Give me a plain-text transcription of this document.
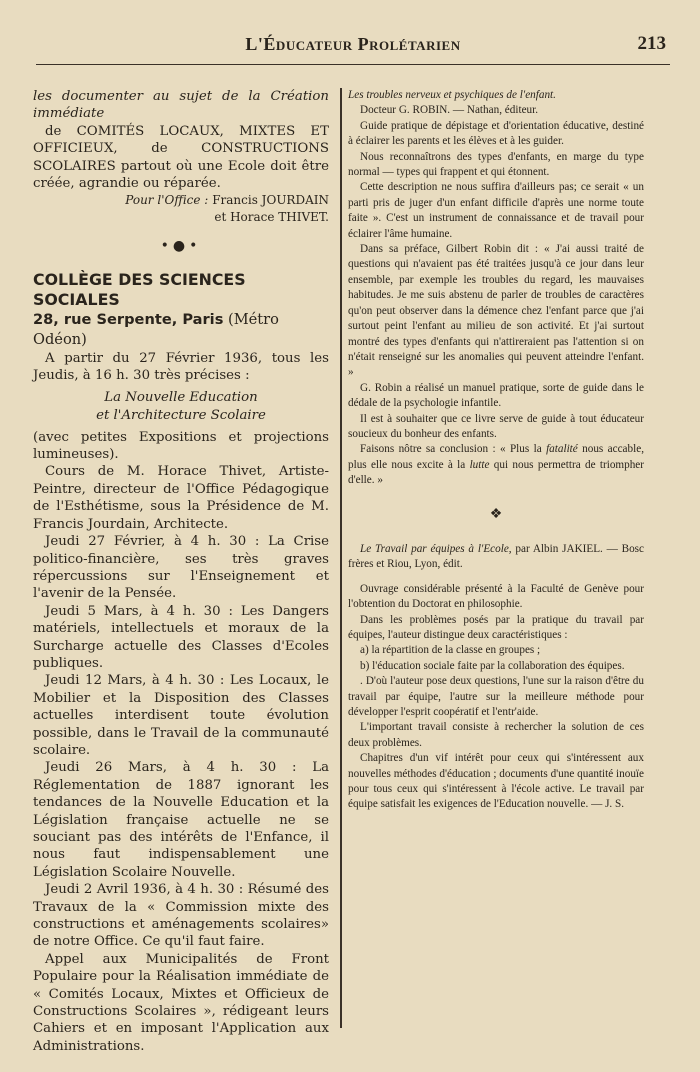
L'Éducateur Prolétarien	213

les documenter au sujet de la Création immédiate

de COMITÉS LOCAUX, MIXTES ET OFFICIEUX, de CONSTRUCTIONS SCOLAIRES partout où une Ecole doit être créée, agrandie ou réparée.

Pour l'Office : Francis JOURDAIN
et Horace THIVET.

•●•
COLLÈGE DES SCIENCES SOCIALES
28, rue Serpente, Paris (Métro Odéon)

A partir du 27 Février 1936, tous les Jeudis, à 16 h. 30 très précises :

La Nouvelle Education
et l'Architecture Scolaire

(avec petites Expositions et projections lumineuses).

Cours de M. Horace Thivet, Artiste-Peintre, directeur de l'Office Pédagogique de l'Esthétisme, sous la Présidence de M. Francis Jourdain, Architecte.

Jeudi 27 Février, à 4 h. 30 : La Crise politico-financière, ses très graves répercussions sur l'Enseignement et l'avenir de la Pensée.

Jeudi 5 Mars, à 4 h. 30 : Les Dangers matériels, intellectuels et moraux de la Surcharge actuelle des Classes d'Ecoles publiques.

Jeudi 12 Mars, à 4 h. 30 : Les Locaux, le Mobilier et la Disposition des Classes actuelles interdisent toute évolution possible, dans le Travail de la communauté scolaire.

Jeudi 26 Mars, à 4 h. 30 : La Réglementation de 1887 ignorant les tendances de la Nouvelle Education et la Législation française actuelle ne se souciant pas des intérêts de l'Enfance, il nous faut indispensablement une Législation Scolaire Nouvelle.

Jeudi 2 Avril 1936, à 4 h. 30 : Résumé des Travaux de la « Commission mixte des constructions et aménagements scolaires» de notre Office. Ce qu'il faut faire.

Appel aux Municipalités de Front Populaire pour la Réalisation immédiate de « Comités Locaux, Mixtes et Officieux de Constructions Scolaires », rédigeant leurs Cahiers et en imposant l'Application aux Administrations.

Les troubles nerveux et psychiques de l'enfant.

Docteur G. ROBIN. — Nathan, éditeur.

Guide pratique de dépistage et d'orientation éducative, destiné à éclairer les parents et les élèves et à les guider.

Nous reconnaîtrons des types d'enfants, en marge du type normal — types qui frappent et qui étonnent.

Cette description ne nous suffira d'ailleurs pas; ce serait « un parti pris de juger d'un enfant difficile d'après une norme toute faite ». C'est un instrument de connaissance et de travail pour éclairer l'âme humaine.

Dans sa préface, Gilbert Robin dit : « J'ai aussi traité de questions qui n'avaient pas été traitées jusqu'à ce jour dans leur ensemble, par exemple les troubles du regard, les mauvaises habitudes. Je me suis abstenu de parler de troubles de caractères qu'on peut observer dans la démence chez l'enfant parce que j'ai surtout peint l'enfant au milieu de son activité. Et j'ai surtout montré des types d'enfants qui n'attireraient pas l'attention si on n'était renseigné sur les anomalies qui peuvent atteindre l'enfant. »

G. Robin a réalisé un manuel pratique, sorte de guide dans le dédale de la psychologie infantile.

Il est à souhaiter que ce livre serve de guide à tout éducateur soucieux du bonheur des enfants.

Faisons nôtre sa conclusion : « Plus la fatalité nous accable, plus elle nous excite à la lutte qui nous permettra de triompher d'elle. »

❖

Le Travail par équipes à l'Ecole, par Albin JAKIEL. — Bosc frères et Riou, Lyon, édit.

Ouvrage considérable présenté à la Faculté de Genève pour l'obtention du Doctorat en philosophie.

Dans les problèmes posés par la pratique du travail par équipes, l'auteur distingue deux caractéristiques :

a) la répartition de la classe en groupes ;

b) l'éducation sociale faite par la collaboration des équipes.

. D'où l'auteur pose deux questions, l'une sur la raison d'être du travail par équipe, l'autre sur la meilleure méthode pour développer l'esprit coopératif et l'entr'aide.

L'important travail consiste à rechercher la solution de ces deux problèmes.

Chapitres d'un vif intérêt pour ceux qui s'intéressent aux nouvelles méthodes d'éducation ; documents d'une quantité inouïe pour tous ceux qui s'intéressent à l'école active. Le travail par équipe satisfait les exigences de l'Education nouvelle. — J. S.
